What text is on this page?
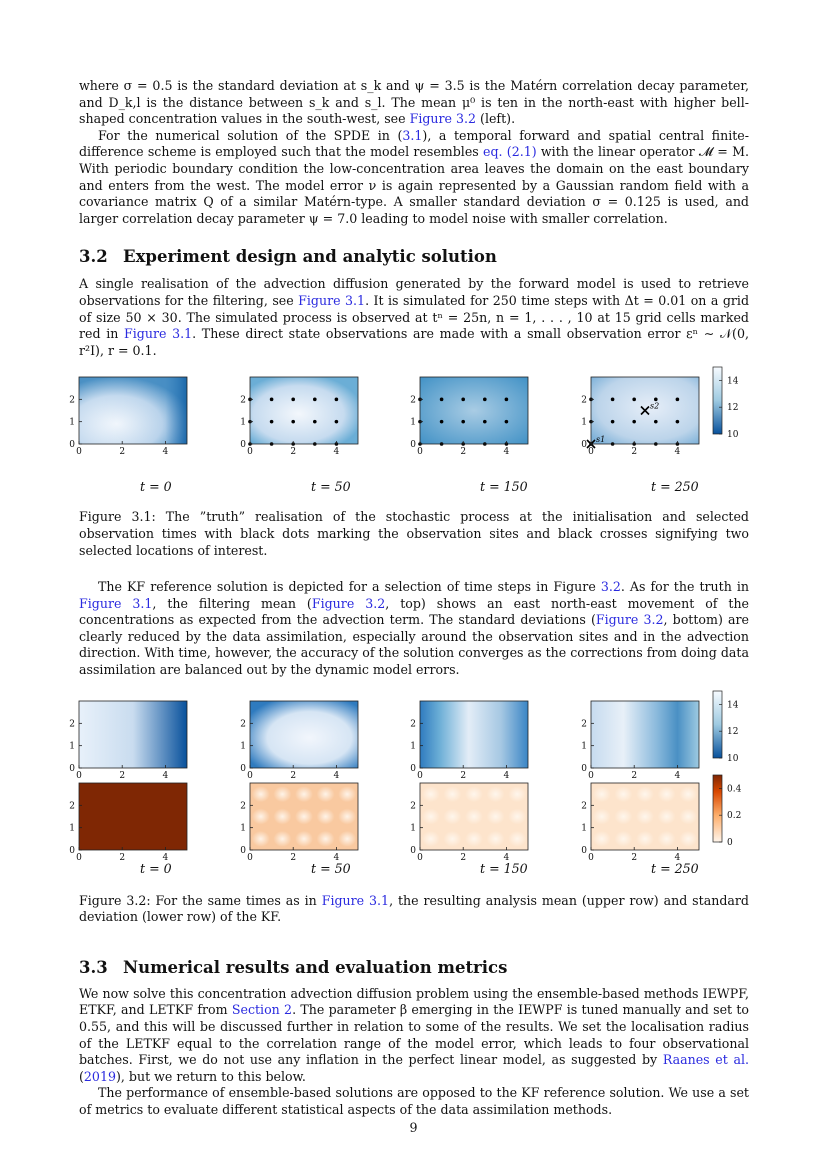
where σ = 0.5 is the standard deviation at s_k and ψ = 3.5 is the Matérn correlation decay parameter, and D_k,l is the distance between s_k and s_l. The mean μ⁰ is ten in the north-east with higher bell-shaped concentration values in the south-west, see Figure 3.2 (left).

For the numerical solution of the SPDE in (3.1), a temporal forward and spatial central finite-difference scheme is employed such that the model resembles eq. (2.1) with the linear operator 𝓜 = M. With periodic boundary condition the low-concentration area leaves the domain on the east boundary and enters from the west. The model error ν is again represented by a Gaussian random field with a covariance matrix Q of a similar Matérn-type. A smaller standard deviation σ = 0.125 is used, and larger correlation decay parameter ψ = 7.0 leading to model noise with smaller correlation.

3.2 Experiment design and analytic solution

A single realisation of the advection diffusion generated by the forward model is used to retrieve observations for the filtering, see Figure 3.1. It is simulated for 250 time steps with Δt = 0.01 on a grid of size 50 × 30. The simulated process is observed at tⁿ = 25n, n = 1, . . . , 10 at 15 grid cells marked red in Figure 3.1. These direct state observations are made with a small observation error εⁿ ∼ 𝒩(0, r²I), r = 0.1.

0	2	4
0
1
2
0	2	4
0
1
2
0	2	4
0
1
2
s1
s2
0	2	4
0
1
2
10
12
14
t = 0	t = 50	t = 150	t = 250

Figure 3.1: The ”truth” realisation of the stochastic process at the initialisation and selected observation times with black dots marking the observation sites and black crosses signifying two selected locations of interest.

The KF reference solution is depicted for a selection of time steps in Figure 3.2. As for the truth in Figure 3.1, the filtering mean (Figure 3.2, top) shows an east north-east movement of the concentrations as expected from the advection term. The standard deviations (Figure 3.2, bottom) are clearly reduced by the data assimilation, especially around the observation sites and in the advection direction. With time, however, the accuracy of the solution converges as the corrections from doing data assimilation are balanced out by the dynamic model errors.

0	2	4
0
1
2
0	2	4
0
1
2
0	2	4
0
1
2
0	2	4
0
1
2
0	2	4
0
1
2
0	2	4
0
1
2
0	2	4
0
1
2
0	2	4
0
1
2
10
12
14
0
0.2
0.4
t = 0	t = 50	t = 150	t = 250

Figure 3.2: For the same times as in Figure 3.1, the resulting analysis mean (upper row) and standard deviation (lower row) of the KF.

3.3 Numerical results and evaluation metrics

We now solve this concentration advection diffusion problem using the ensemble-based methods IEWPF, ETKF, and LETKF from Section 2. The parameter β emerging in the IEWPF is tuned manually and set to 0.55, and this will be discussed further in relation to some of the results. We set the localisation radius of the LETKF equal to the correlation range of the model error, which leads to four observational batches. First, we do not use any inflation in the perfect linear model, as suggested by Raanes et al. (2019), but we return to this below.

The performance of ensemble-based solutions are opposed to the KF reference solution. We use a set of metrics to evaluate different statistical aspects of the data assimilation methods.

9
